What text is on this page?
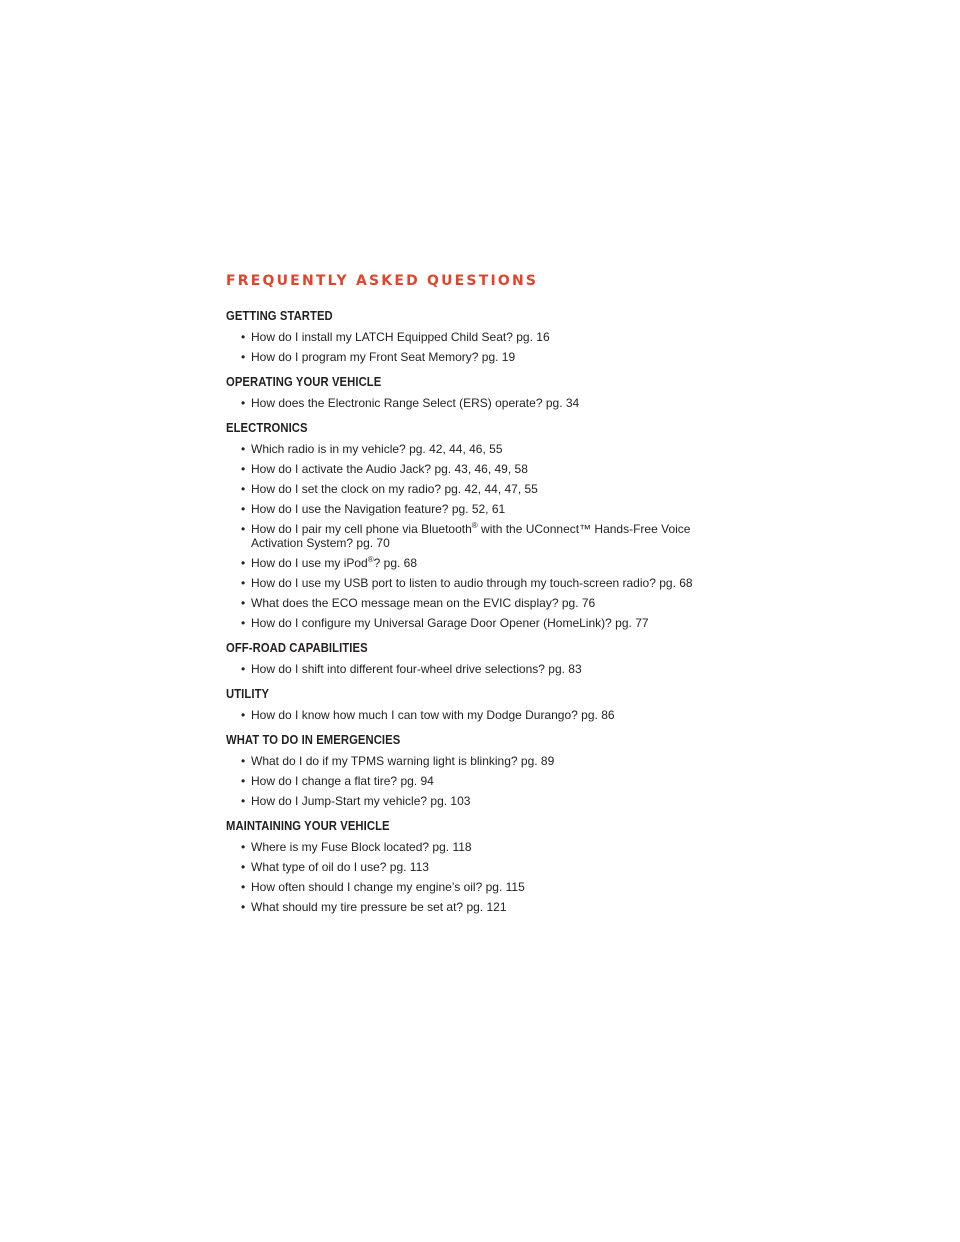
FREQUENTLY ASKED QUESTIONS
GETTING STARTED
• How do I install my LATCH Equipped Child Seat? pg. 16
• How do I program my Front Seat Memory? pg. 19
OPERATING YOUR VEHICLE
• How does the Electronic Range Select (ERS) operate? pg. 34
ELECTRONICS
• Which radio is in my vehicle? pg. 42, 44, 46, 55
• How do I activate the Audio Jack? pg. 43, 46, 49, 58
• How do I set the clock on my radio? pg. 42, 44, 47, 55
• How do I use the Navigation feature? pg. 52, 61
• How do I pair my cell phone via Bluetooth® with the UConnect™ Hands-Free Voice Activation System? pg. 70
• How do I use my iPod®? pg. 68
• How do I use my USB port to listen to audio through my touch-screen radio? pg. 68
• What does the ECO message mean on the EVIC display? pg. 76
• How do I configure my Universal Garage Door Opener (HomeLink)? pg. 77
OFF-ROAD CAPABILITIES
• How do I shift into different four-wheel drive selections? pg. 83
UTILITY
• How do I know how much I can tow with my Dodge Durango? pg. 86
WHAT TO DO IN EMERGENCIES
• What do I do if my TPMS warning light is blinking? pg. 89
• How do I change a flat tire? pg. 94
• How do I Jump-Start my vehicle? pg. 103
MAINTAINING YOUR VEHICLE
• Where is my Fuse Block located? pg. 118
• What type of oil do I use? pg. 113
• How often should I change my engine’s oil? pg. 115
• What should my tire pressure be set at? pg. 121
